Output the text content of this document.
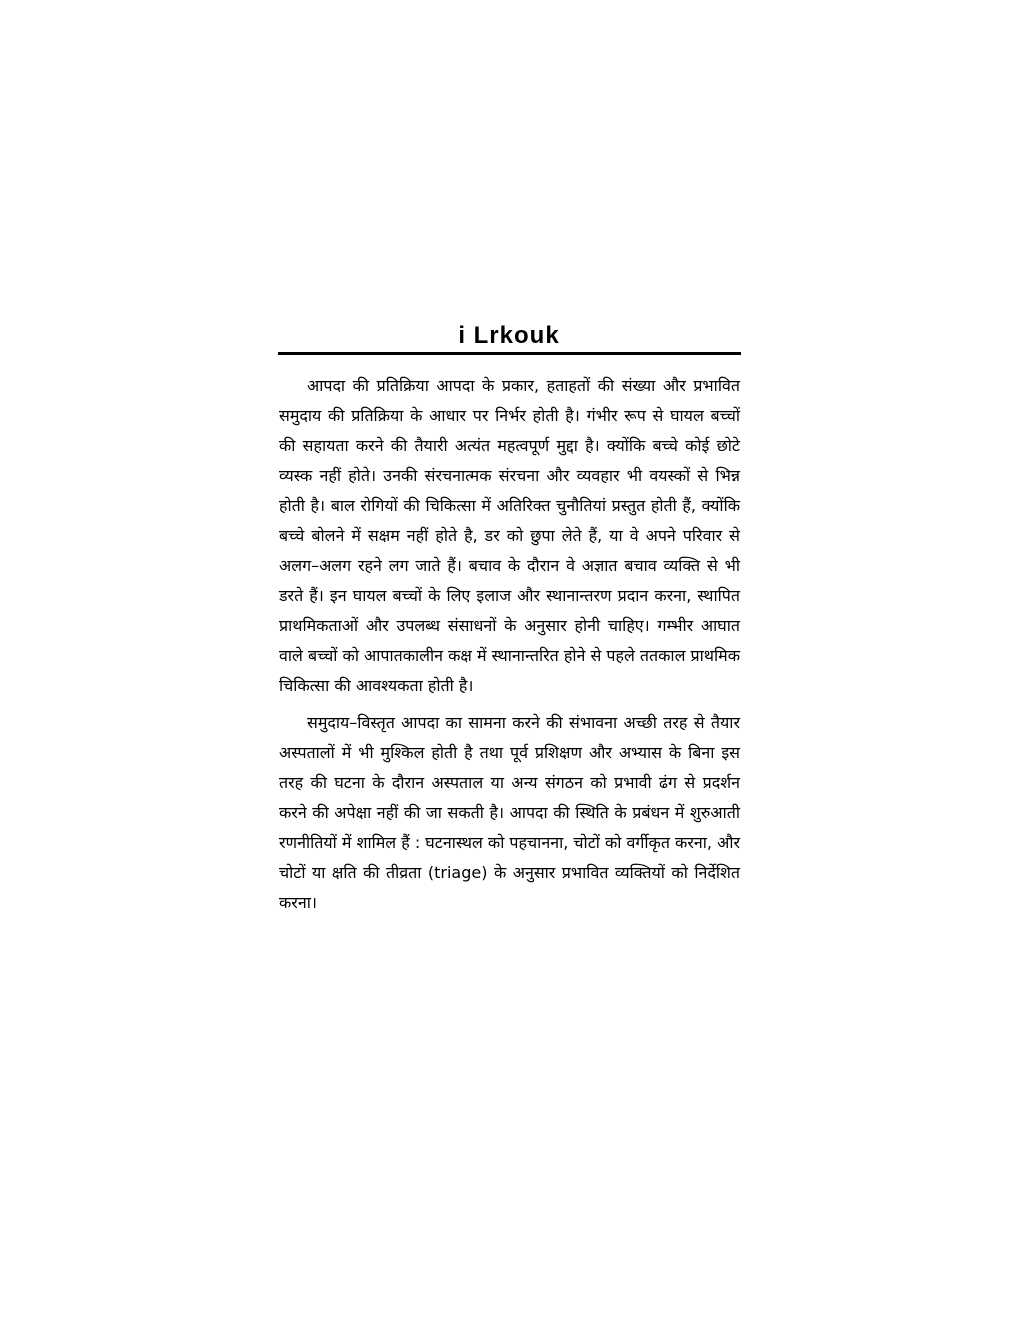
i Lrkouk

आपदा की प्रतिक्रिया आपदा के प्रकार, हताहतों की संख्या और प्रभावित समुदाय की प्रतिक्रिया के आधार पर निर्भर होती है। गंभीर रूप से घायल बच्चों की सहायता करने की तैयारी अत्यंत महत्वपूर्ण मुद्दा है। क्योंकि बच्चे कोई छोटे व्यस्क नहीं होते। उनकी संरचनात्मक संरचना और व्यवहार भी वयस्कों से भिन्न होती है। बाल रोगियों की चिकित्सा में अतिरिक्त चुनौतियां प्रस्तुत होती हैं, क्योंकि बच्चे बोलने में सक्षम नहीं होते है, डर को छुपा लेते हैं, या वे अपने परिवार से अलग–अलग रहने लग जाते हैं। बचाव के दौरान वे अज्ञात बचाव व्यक्ति से भी डरते हैं। इन घायल बच्चों के लिए इलाज और स्थानान्तरण प्रदान करना, स्थापित प्राथमिकताओं और उपलब्ध संसाधनों के अनुसार होनी चाहिए। गम्भीर आघात वाले बच्चों को आपातकालीन कक्ष में स्थानान्तरित होने से पहले ततकाल प्राथमिक चिकित्सा की आवश्यकता होती है।

समुदाय–विस्तृत आपदा का सामना करने की संभावना अच्छी तरह से तैयार अस्पतालों में भी मुश्किल होती है तथा पूर्व प्रशिक्षण और अभ्यास के बिना इस तरह की घटना के दौरान अस्पताल या अन्य संगठन को प्रभावी ढंग से प्रदर्शन करने की अपेक्षा नहीं की जा सकती है। आपदा की स्थिति के प्रबंधन में शुरुआती रणनीतियों में शामिल हैं : घटनास्थल को पहचानना, चोटों को वर्गीकृत करना, और चोटों या क्षति की तीव्रता (triage) के अनुसार प्रभावित व्यक्तियों को निर्देशित करना।
